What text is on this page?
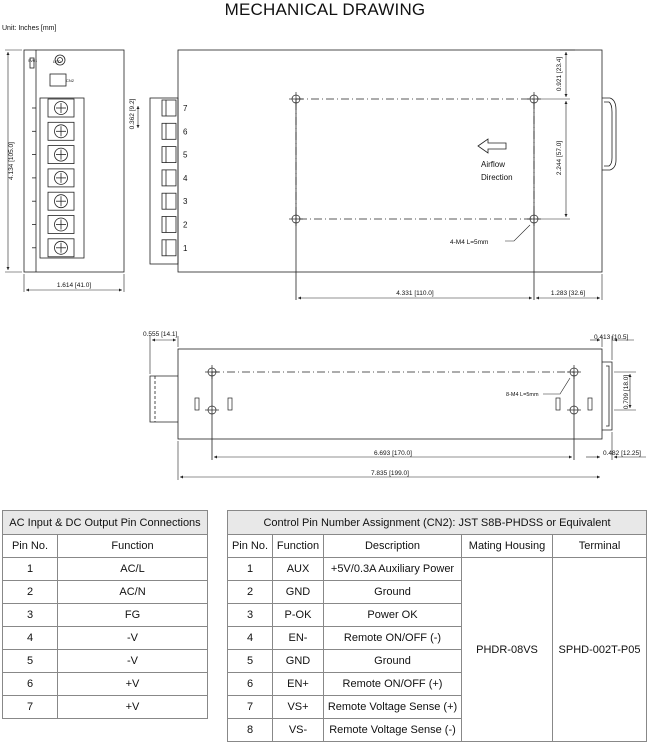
MECHANICAL DRAWING
Unit: Inches [mm]
LED
CN2
SVR1
4.134 [105.0]
1.614 [41.0]
7
6
5
4
3
2
1
0.362 [9.2]
0.921 [23.4]
2.244 [57.0]
Airflow
Direction
4-M4 L=5mm
4.331 [110.0]	1.283 [32.6]
0.555 [14.1]	0.413 [10.5]
0.709 [18.0]
6.693 [170.0]	0.482 [12.25]
7.835 [199.0]
8-M4 L=5mm
AC Input & DC Output Pin Connections	
Pin No.	Function
1	AC/L
2	AC/N
3	FG
4	-V
5	-V
6	+V
7	+V
Control Pin Number Assignment (CN2): JST S8B-PHDSS or Equivalent				
Pin No.	Function	Description	Mating Housing	Terminal
1	AUX	+5V/0.3A Auxiliary Power	PHDR-08VS	SPHD-002T-P05
2	GND	Ground		
3	P-OK	Power OK		
4	EN-	Remote ON/OFF (-)		
5	GND	Ground		
6	EN+	Remote ON/OFF (+)		
7	VS+	Remote Voltage Sense (+)		
8	VS-	Remote Voltage Sense (-)		
